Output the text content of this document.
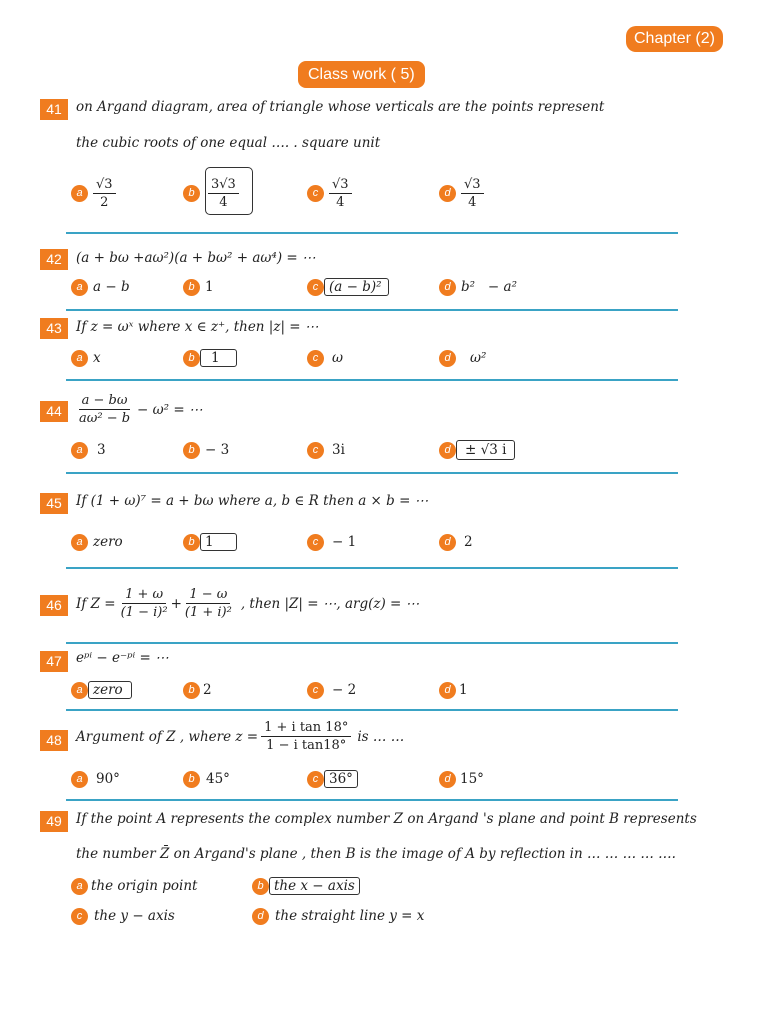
Chapter (2)
Class work ( 5)
41	on Argand diagram, area of triangle whose verticals are the points represent
the cubic roots of one equal …. . square unit
a $\frac{√3}{2}$	b	$\frac{3√3}{4}$	c $\frac{√3}{4}$	d $\frac{√3}{4}$
42	(a + bω +aω²)(a + bω² + aω⁴) = ⋯
a a − b	b 1	c (a − b)²	d b²   − a²
43	If z = ωˣ where x ∈ z⁺, then |z| = ⋯
a x	b	1	c	ω	d	ω²
44	$\frac{a - b\omega}{\text{aω² − b}} - \omega^2$ = ⋯
a	3	b − 3	c	3i	d	± √3 i
45	If (1 + ω)⁷ = a + bω where a, b ∈ R then a × b = ⋯
a zero	b 1	c	− 1	d 2
46	If $Z = \frac{1 + \omega}{\text{(1 − i)²}} + \frac{1 - \omega}{\text{(1 + i)²}}$ , then |Z| = ⋯, arg(z) = ⋯
47	eᵖⁱ − e⁻ᵖⁱ = ⋯
a zero	b 2	c	− 2	d 1
48	Argument of Z , where $z = \frac{\text{1 + i tan 18°}}{\text{1 − i tan18°}}$ is … …
a 90°	b 45°	c 36°	d 15°
49	If the point A represents the complex number Z on Argand 's plane and point B represents
the number Z̄ on Argand's plane , then B is the image of A by reflection in … … … … ….
a the origin point	b the x − axis
c the y − axis	d the straight line y = x
